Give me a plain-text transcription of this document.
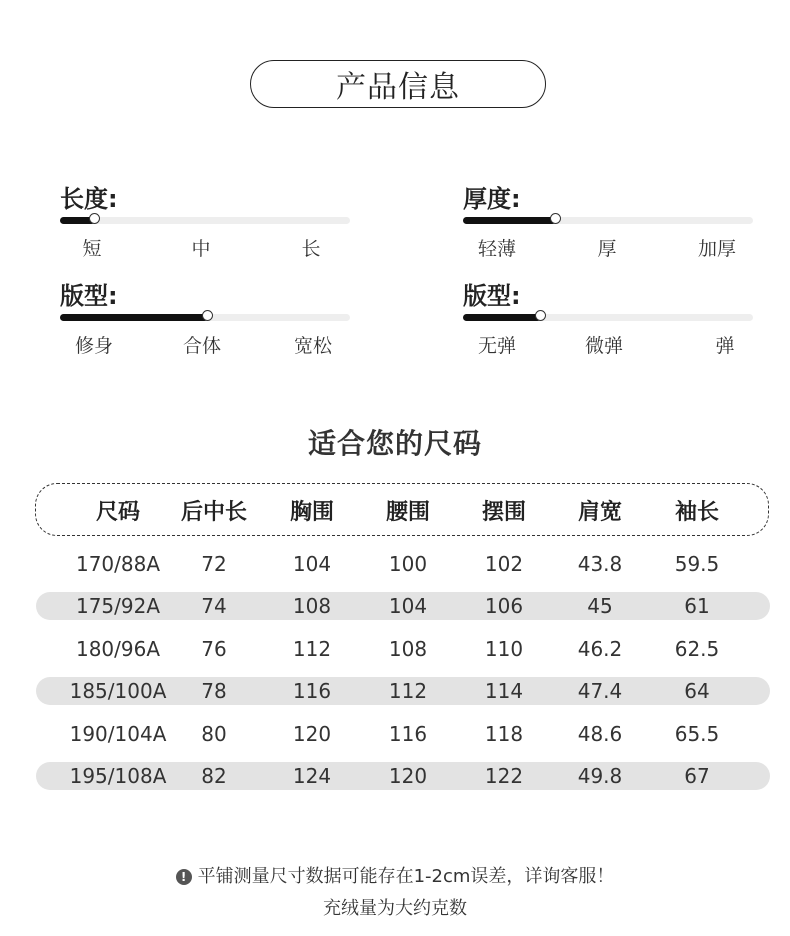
产品信息
长度:
短	中	长
厚度:
轻薄	厚	加厚
版型:
修身	合体	宽松
版型:
无弹	微弹	弹
适合您的尺码
尺码 后中长 胸围 腰围 摆围 肩宽 袖长
170/88A 72	104	100	102	43.8	59.5
175/92A 74	108	104	106	45	61
180/96A 76	112	108	110	46.2	62.5
185/100A 78	116	112	114	47.4	64
190/104A 80	120	116	118	48.6	65.5
195/108A 82	124	120	122	49.8	67
! 平铺测量尺寸数据可能存在1-2cm误差，详询客服！
充绒量为大约克数
